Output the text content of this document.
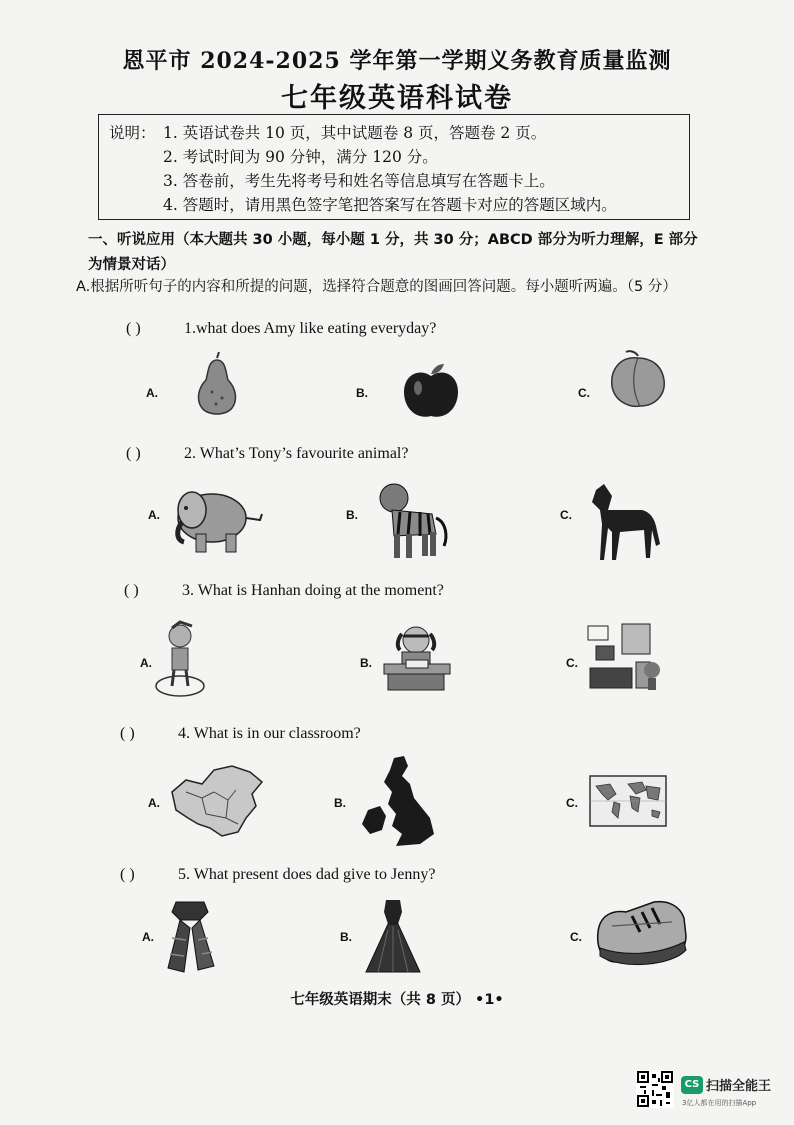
恩平市 2024-2025 学年第一学期义务教育质量监测
七年级英语科试卷
说明： 1. 英语试卷共 10 页，其中试题卷 8 页，答题卷 2 页。
2. 考试时间为 90 分钟，满分 120 分。
3. 答卷前，考生先将考号和姓名等信息填写在答题卡上。
4. 答题时，请用黑色签字笔把答案写在答题卡对应的答题区域内。
一、听说应用（本大题共 30 小题，每小题 1 分，共 30 分；ABCD 部分为听力理解，E 部分为情景对话）
A.根据所听句子的内容和所提的问题，选择符合题意的图画回答问题。每小题听两遍。（5 分）
( )	1.what does Amy like eating everyday?
A.	B.	C.
( )	2. What’s Tony’s favourite animal?
A.	B.	C.
( )	3. What is Hanhan doing at the moment?
A.	B.	C.
( )	4. What is in our classroom?
A.	B.	C.
( )	5. What present does dad give to Jenny?
A.	B.	C.
七年级英语期末（共 8 页） •1•
CS 扫描全能王
3亿人都在用的扫描App
